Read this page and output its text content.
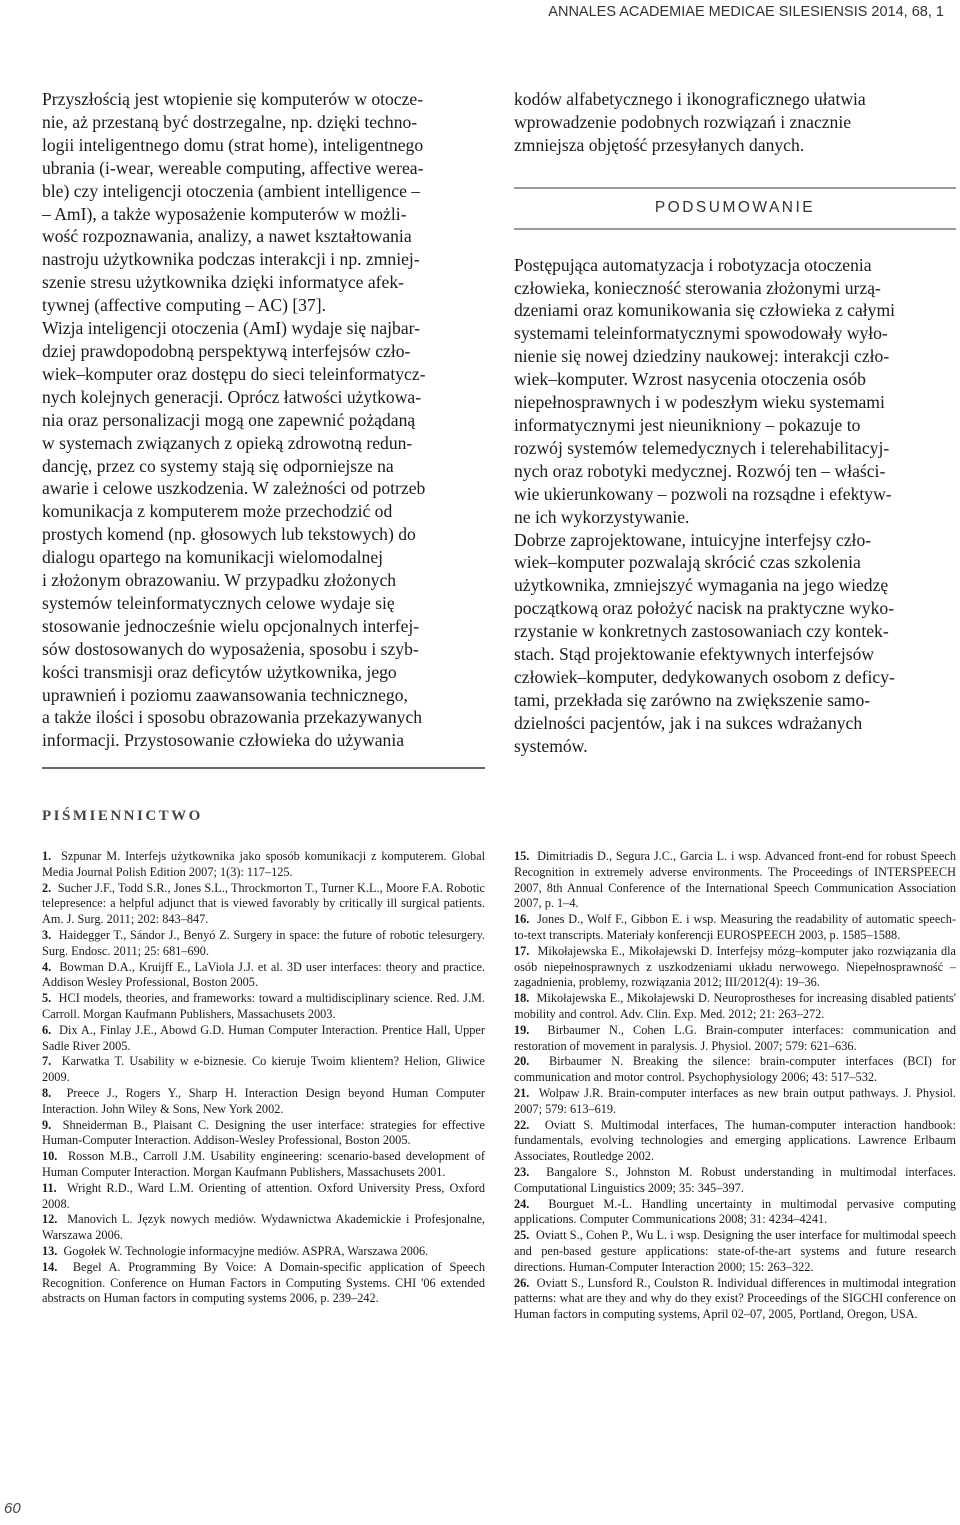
ANNALES ACADEMIAE MEDICAE SILESIENSIS 2014, 68, 1

Przyszłością jest wtopienie się komputerów w otocze-
nie, aż przestaną być dostrzegalne, np. dzięki techno-
logii inteligentnego domu (strat home), inteligentnego
ubrania (i-wear, wereable computing, affective werea-
ble) czy inteligencji otoczenia (ambient intelligence –
– AmI), a także wyposażenie komputerów w możli-
wość rozpoznawania, analizy, a nawet kształtowania
nastroju użytkownika podczas interakcji i np. zmniej-
szenie stresu użytkownika dzięki informatyce afek-
tywnej (affective computing – AC) [37].

Wizja inteligencji otoczenia (AmI) wydaje się najbar-
dziej prawdopodobną perspektywą interfejsów czło-
wiek–komputer oraz dostępu do sieci teleinformatycz-
nych kolejnych generacji. Oprócz łatwości użytkowa-
nia oraz personalizacji mogą one zapewnić pożądaną
w systemach związanych z opieką zdrowotną redun-
dancję, przez co systemy stają się odporniejsze na
awarie i celowe uszkodzenia. W zależności od potrzeb
komunikacja z komputerem może przechodzić od
prostych komend (np. głosowych lub tekstowych) do
dialogu opartego na komunikacji wielomodalnej
i złożonym obrazowaniu. W przypadku złożonych
systemów teleinformatycznych celowe wydaje się
stosowanie jednocześnie wielu opcjonalnych interfej-
sów dostosowanych do wyposażenia, sposobu i szyb-
kości transmisji oraz deficytów użytkownika, jego
uprawnień i poziomu zaawansowania technicznego,
a także ilości i sposobu obrazowania przekazywanych
informacji. Przystosowanie człowieka do używania

kodów alfabetycznego i ikonograficznego ułatwia
wprowadzenie podobnych rozwiązań i znacznie
zmniejsza objętość przesyłanych danych.

PODSUMOWANIE

Postępująca automatyzacja i robotyzacja otoczenia
człowieka, konieczność sterowania złożonymi urzą-
dzeniami oraz komunikowania się człowieka z całymi
systemami teleinformatycznymi spowodowały wyło-
nienie się nowej dziedziny naukowej: interakcji czło-
wiek–komputer. Wzrost nasycenia otoczenia osób
niepełnosprawnych i w podeszłym wieku systemami
informatycznymi jest nieunikniony – pokazuje to
rozwój systemów telemedycznych i telerehabilitacyj-
nych oraz robotyki medycznej. Rozwój ten – właści-
wie ukierunkowany – pozwoli na rozsądne i efektyw-
ne ich wykorzystywanie.

Dobrze zaprojektowane, intuicyjne interfejsy czło-
wiek–komputer pozwalają skrócić czas szkolenia
użytkownika, zmniejszyć wymagania na jego wiedzę
początkową oraz położyć nacisk na praktyczne wyko-
rzystanie w konkretnych zastosowaniach czy kontek-
stach. Stąd projektowanie efektywnych interfejsów
człowiek–komputer, dedykowanych osobom z deficy-
tami, przekłada się zarówno na zwiększenie samo-
dzielności pacjentów, jak i na sukces wdrażanych
systemów.

PIŚMIENNICTWO

1. Szpunar M. Interfejs użytkownika jako sposób komunikacji z komputerem. Global Media Journal Polish Edition 2007; 1(3): 117–125.

2. Sucher J.F., Todd S.R., Jones S.L., Throckmorton T., Turner K.L., Moore F.A. Robotic telepresence: a helpful adjunct that is viewed favorably by critically ill surgical patients. Am. J. Surg. 2011; 202: 843–847.

3. Haidegger T., Sándor J., Benyó Z. Surgery in space: the future of robotic telesurgery. Surg. Endosc. 2011; 25: 681–690.

4. Bowman D.A., Kruijff E., LaViola J.J. et al. 3D user interfaces: theory and practice. Addison Wesley Professional, Boston 2005.

5. HCI models, theories, and frameworks: toward a multidisciplinary science. Red. J.M. Carroll. Morgan Kaufmann Publishers, Massachusets 2003.

6. Dix A., Finlay J.E., Abowd G.D. Human Computer Interaction. Prentice Hall, Upper Sadle River 2005.

7. Karwatka T. Usability w e-biznesie. Co kieruje Twoim klientem? Helion, Gliwice 2009.

8. Preece J., Rogers Y., Sharp H. Interaction Design beyond Human Computer Interaction. John Wiley & Sons, New York 2002.

9. Shneiderman B., Plaisant C. Designing the user interface: strategies for effective Human-Computer Interaction. Addison-Wesley Professional, Boston 2005.

10. Rosson M.B., Carroll J.M. Usability engineering: scenario-based development of Human Computer Interaction. Morgan Kaufmann Publishers, Massachusets 2001.

11. Wright R.D., Ward L.M. Orienting of attention. Oxford University Press, Oxford 2008.

12. Manovich L. Język nowych mediów. Wydawnictwa Akademickie i Profesjonalne, Warszawa 2006.

13. Gogołek W. Technologie informacyjne mediów. ASPRA, Warszawa 2006.

14. Begel A. Programming By Voice: A Domain-specific application of Speech Recognition. Conference on Human Factors in Computing Systems. CHI '06 extended abstracts on Human factors in computing systems 2006, p. 239–242.

15. Dimitriadis D., Segura J.C., Garcia L. i wsp. Advanced front-end for robust Speech Recognition in extremely adverse environments. The Proceedings of INTERSPEECH 2007, 8th Annual Conference of the International Speech Communication Association 2007, p. 1–4.

16. Jones D., Wolf F., Gibbon E. i wsp. Measuring the readability of automatic speech-to-text transcripts. Materiały konferencji EUROSPEECH 2003, p. 1585–1588.

17. Mikołajewska E., Mikołajewski D. Interfejsy mózg–komputer jako rozwiązania dla osób niepełnosprawnych z uszkodzeniami układu nerwowego. Niepełnosprawność – zagadnienia, problemy, rozwiązania 2012; III/2012(4): 19–36.

18. Mikołajewska E., Mikołajewski D. Neuroprostheses for increasing disabled patients' mobility and control. Adv. Clin. Exp. Med. 2012; 21: 263–272.

19. Birbaumer N., Cohen L.G. Brain-computer interfaces: communication and restoration of movement in paralysis. J. Physiol. 2007; 579: 621–636.

20. Birbaumer N. Breaking the silence: brain-computer interfaces (BCI) for communication and motor control. Psychophysiology 2006; 43: 517–532.

21. Wolpaw J.R. Brain-computer interfaces as new brain output pathways. J. Physiol. 2007; 579: 613–619.

22. Oviatt S. Multimodal interfaces, The human-computer interaction handbook: fundamentals, evolving technologies and emerging applications. Lawrence Erlbaum Associates, Routledge 2002.

23. Bangalore S., Johnston M. Robust understanding in multimodal interfaces. Computational Linguistics 2009; 35: 345–397.

24. Bourguet M.-L. Handling uncertainty in multimodal pervasive computing applications. Computer Communications 2008; 31: 4234–4241.

25. Oviatt S., Cohen P., Wu L. i wsp. Designing the user interface for multimodal speech and pen-based gesture applications: state-of-the-art systems and future research directions. Human-Computer Interaction 2000; 15: 263–322.

26. Oviatt S., Lunsford R., Coulston R. Individual differences in multimodal integration patterns: what are they and why do they exist? Proceedings of the SIGCHI conference on Human factors in computing systems, April 02–07, 2005, Portland, Oregon, USA.

60
